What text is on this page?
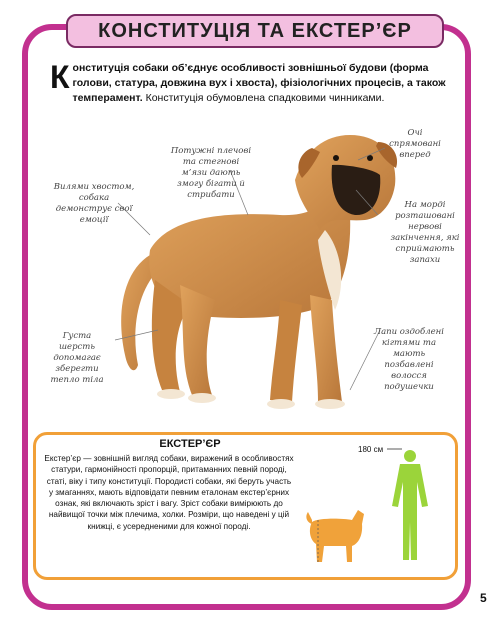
КОНСТИТУЦІЯ ТА ЕКСТЕР’ЄР
Конституція собаки об’єднує особливості зовнішньої будови (форма голови, статура, довжина вух і хвоста), фізіологічних процесів, а також темперамент. Конституція обумовлена спадковими чинниками.
Вилями хвостом, собака демонструє свої емоції
Потужні плечові та стегнові м’язи дають змогу бігати й стрибати
Очі спрямовані вперед
На морді розташовані нервові закінчення, які сприймають запахи
Густа шерсть допомагає зберегти тепло тіла
Лапи оздоблені кігтями та мають позбавлені волосся подушечки
ЕКСТЕР’ЄР
Екстер’єр — зовнішній вигляд собаки, виражений в особливостях статури, гармонійності пропорцій, притаманних певній породі, статі, віку і типу конституції. Породисті собаки, які беруть участь у змаганнях, мають відповідати певним еталонам екстер’єрних ознак, які включають зріст і вагу. Зріст собаки вимірюють до найвищої точки між плечима, холки. Розміри, що наведені у цій книжці, є усередненими для кожної породі.
180 см
5
